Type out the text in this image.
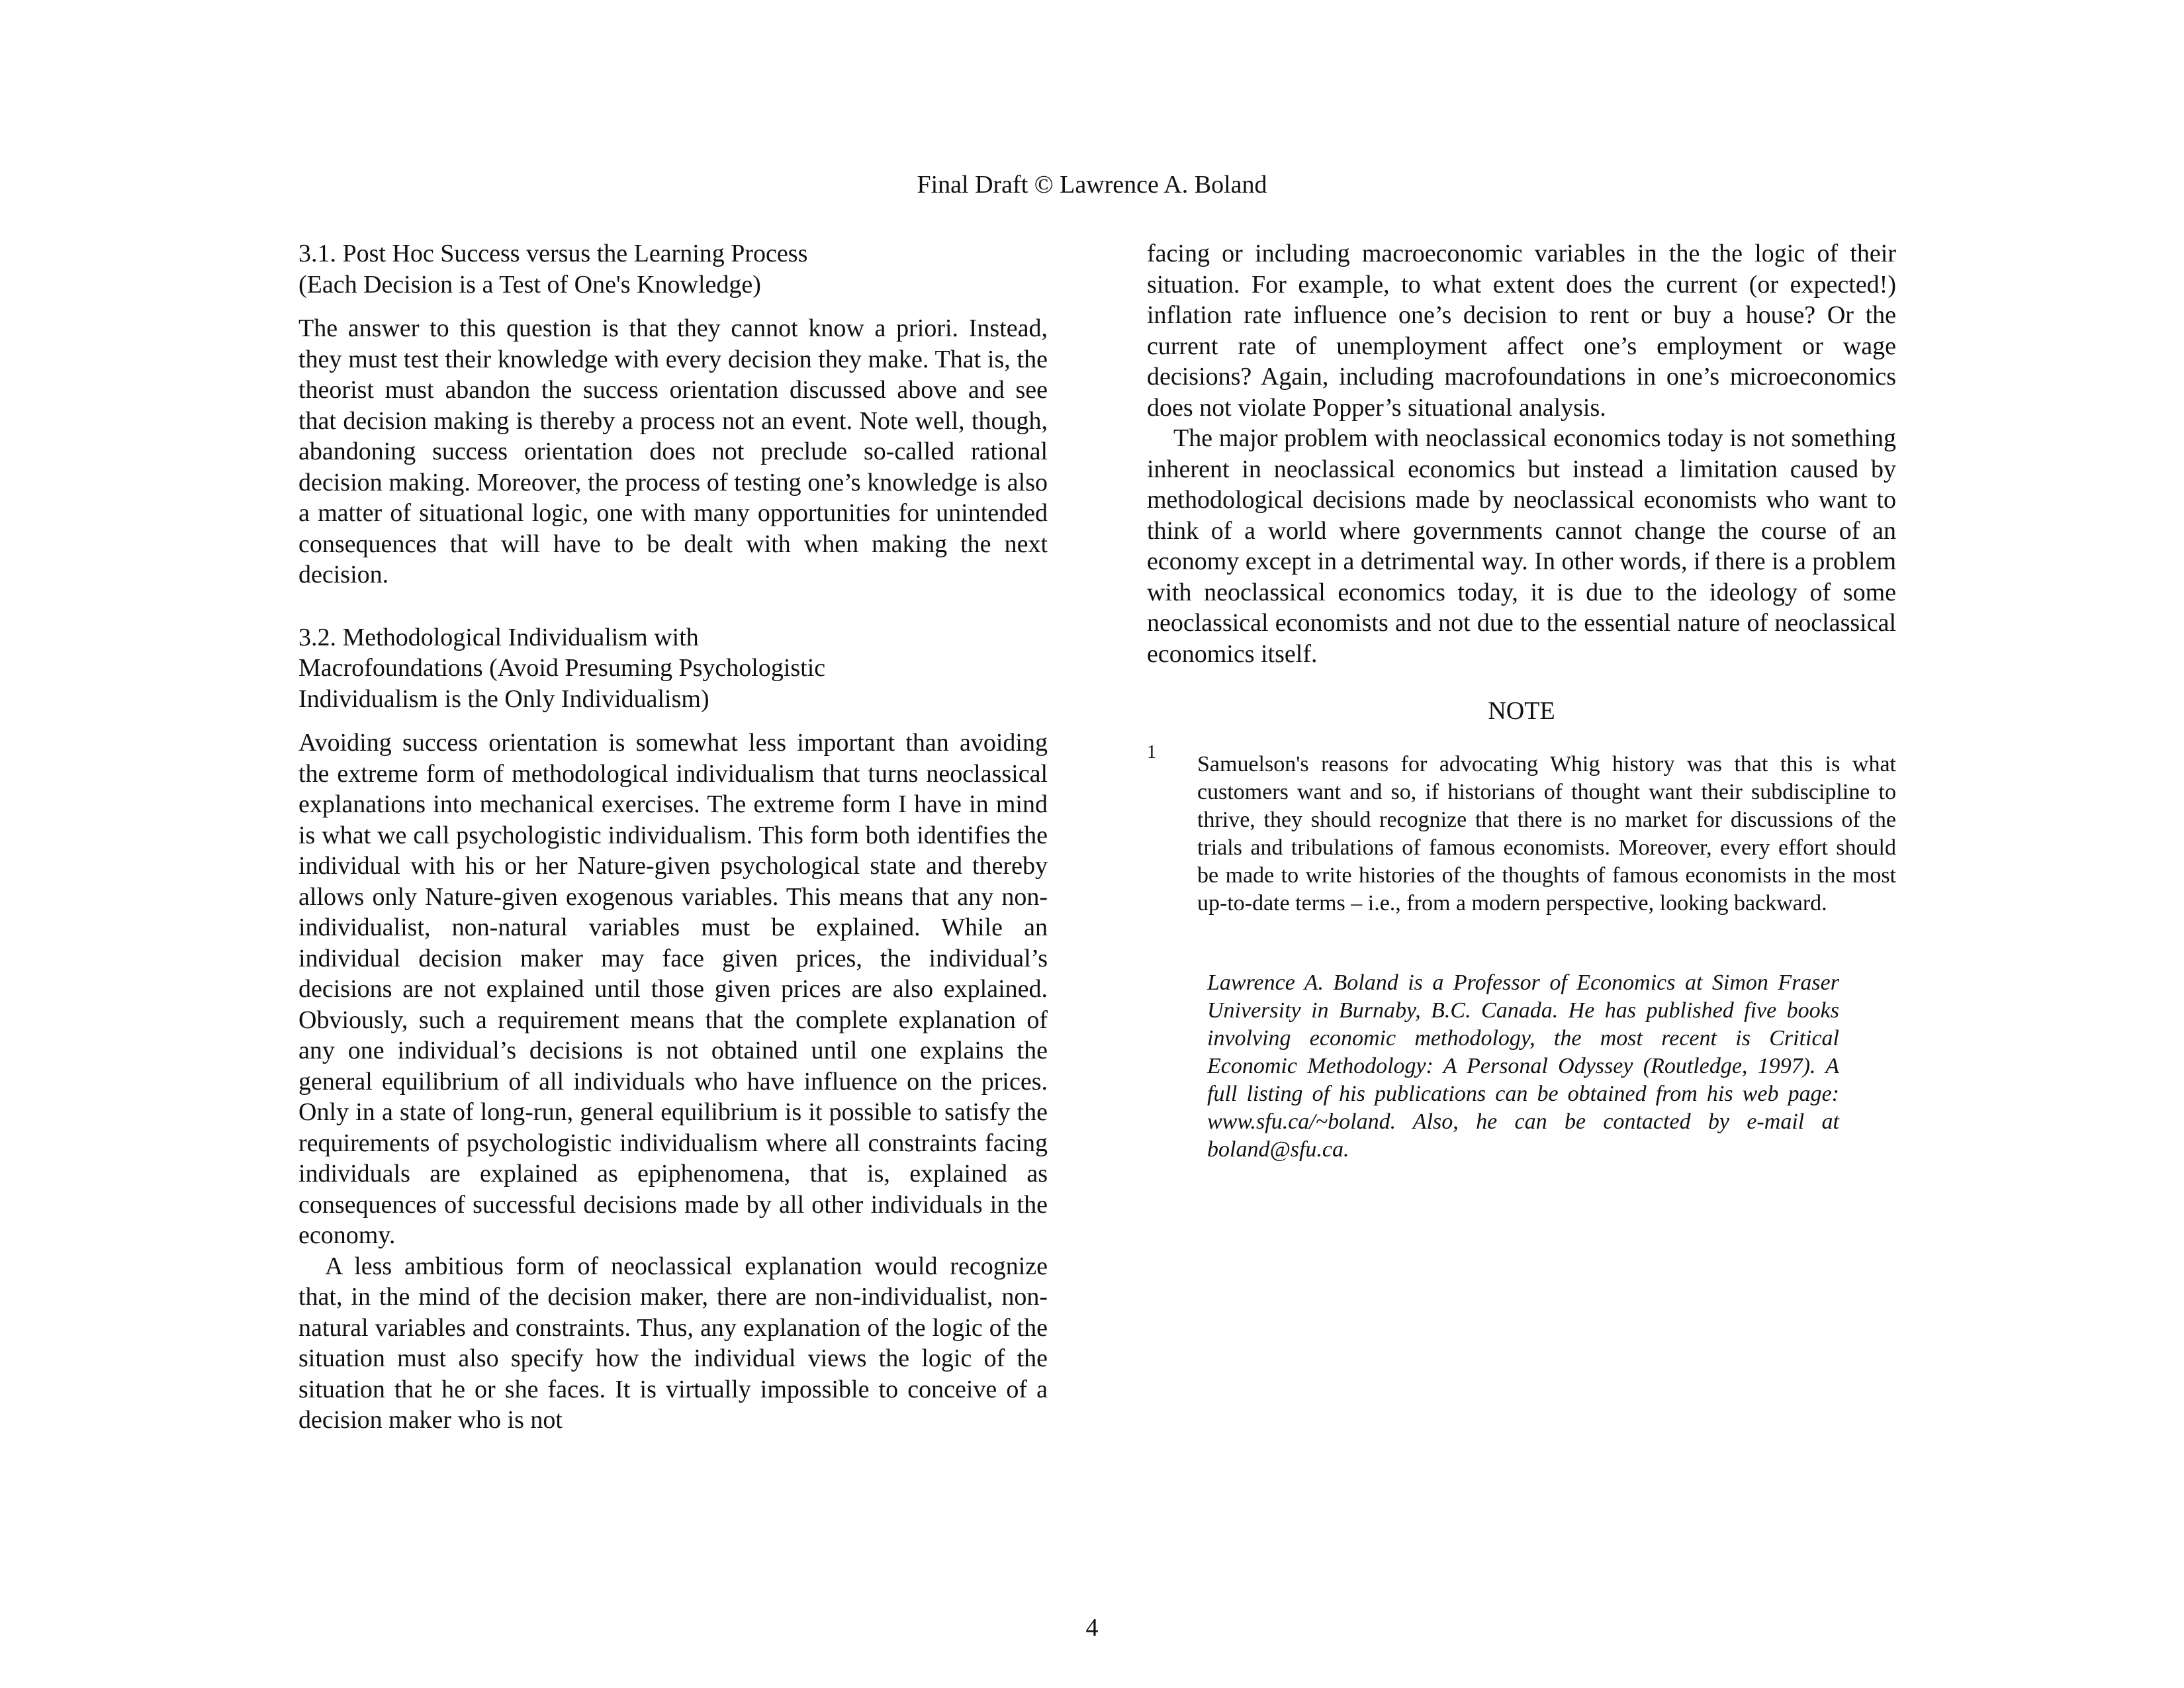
Final Draft © Lawrence A. Boland
3.1. Post Hoc Success versus the Learning Process
(Each Decision is a Test of One's Knowledge)

The answer to this question is that they cannot know a priori. Instead, they must test their knowledge with every decision they make. That is, the theorist must abandon the success orientation discussed above and see that decision making is thereby a process not an event. Note well, though, abandoning success orientation does not preclude so-called rational decision making. Moreover, the process of testing one’s knowledge is also a matter of situational logic, one with many opportunities for unintended consequences that will have to be dealt with when making the next decision.

3.2. Methodological Individualism with
Macrofoundations (Avoid Presuming Psychologistic
Individualism is the Only Individualism)

Avoiding success orientation is somewhat less important than avoiding the extreme form of methodological individualism that turns neoclassical explanations into mechanical exercises. The extreme form I have in mind is what we call psychologistic individualism. This form both identifies the individual with his or her Nature-given psychological state and thereby allows only Nature-given exogenous variables. This means that any non-individualist, non-natural variables must be explained. While an individual decision maker may face given prices, the individual’s decisions are not explained until those given prices are also explained. Obviously, such a requirement means that the complete explanation of any one individual’s decisions is not obtained until one explains the general equilibrium of all individuals who have influence on the prices. Only in a state of long-run, general equilibrium is it possible to satisfy the requirements of psychologistic individualism where all constraints facing individuals are explained as epiphenomena, that is, explained as consequences of successful decisions made by all other individuals in the economy.

A less ambitious form of neoclassical explanation would recognize that, in the mind of the decision maker, there are non-individualist, non-natural variables and constraints. Thus, any explanation of the logic of the situation must also specify how the individual views the logic of the situation that he or she faces. It is virtually impossible to conceive of a decision maker who is not

facing or including macroeconomic variables in the the logic of their situation. For example, to what extent does the current (or expected!) inflation rate influence one’s decision to rent or buy a house? Or the current rate of unemployment affect one’s employment or wage decisions? Again, including macrofoundations in one’s microeconomics does not violate Popper’s situational analysis.

The major problem with neoclassical economics today is not something inherent in neoclassical economics but instead a limitation caused by methodological decisions made by neoclassical economists who want to think of a world where governments cannot change the course of an economy except in a detrimental way. In other words, if there is a problem with neoclassical economics today, it is due to the ideology of some neoclassical economists and not due to the essential nature of neoclassical economics itself.

NOTE
1 Samuelson's reasons for advocating Whig history was that this is what customers want and so, if historians of thought want their subdiscipline to thrive, they should recognize that there is no market for discussions of the trials and tribulations of famous economists. Moreover, every effort should be made to write histories of the thoughts of famous economists in the most up-to-date terms – i.e., from a modern perspective, looking backward.

Lawrence A. Boland is a Professor of Economics at Simon Fraser University in Burnaby, B.C. Canada. He has published five books involving economic methodology, the most recent is Critical Economic Methodology: A Personal Odyssey (Routledge, 1997). A full listing of his publications can be obtained from his web page: www.sfu.ca/~boland. Also, he can be contacted by e-mail at boland@sfu.ca.
4
